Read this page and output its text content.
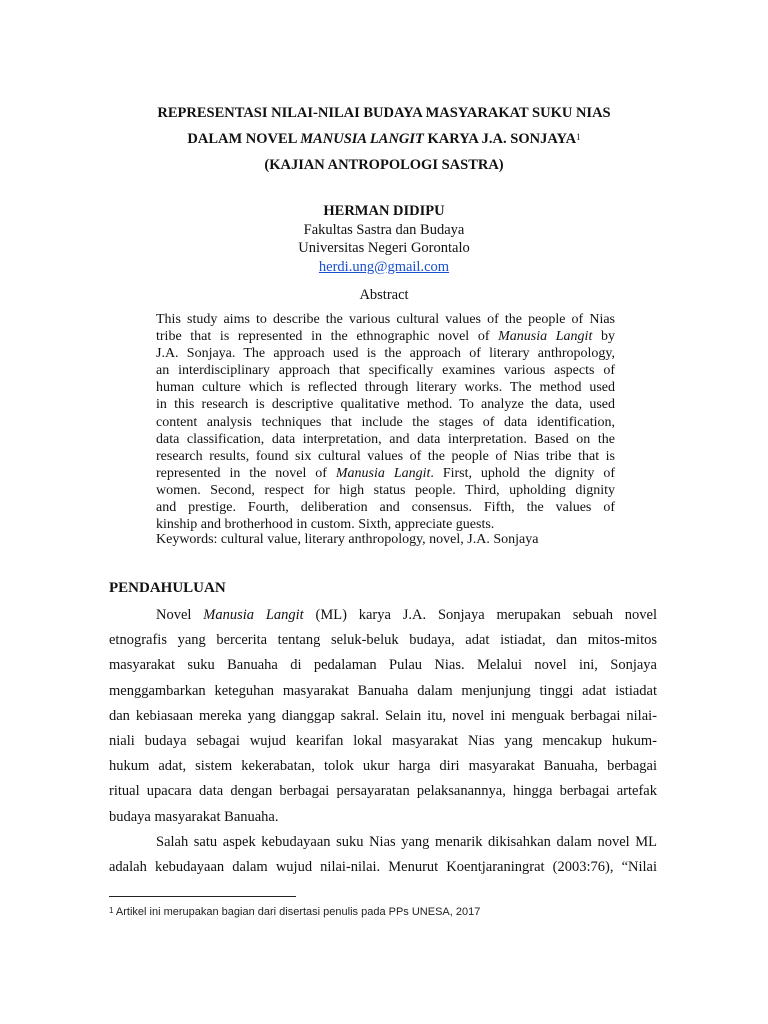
REPRESENTASI NILAI-NILAI BUDAYA MASYARAKAT SUKU NIAS
DALAM NOVEL MANUSIA LANGIT KARYA J.A. SONJAYA$^1$
(KAJIAN ANTROPOLOGI SASTRA)
HERMAN DIDIPU
Fakultas Sastra dan Budaya
Universitas Negeri Gorontalo
herdi.ung@gmail.com
Abstract
This study aims to describe the various cultural values of the people of Nias
tribe that is represented in the ethnographic novel of Manusia Langit by
J.A. Sonjaya. The approach used is the approach of literary anthropology,
an interdisciplinary approach that specifically examines various aspects of
human culture which is reflected through literary works. The method used
in this research is descriptive qualitative method. To analyze the data, used
content analysis techniques that include the stages of data identification,
data classification, data interpretation, and data interpretation. Based on the
research results, found six cultural values of the people of Nias tribe that is
represented in the novel of Manusia Langit. First, uphold the dignity of
women. Second, respect for high status people. Third, upholding dignity
and prestige. Fourth, deliberation and consensus. Fifth, the values of
kinship and brotherhood in custom. Sixth, appreciate guests.
Keywords: cultural value, literary anthropology, novel, J.A. Sonjaya
PENDAHULUAN
Novel Manusia Langit (ML) karya J.A. Sonjaya merupakan sebuah novel
etnografis yang bercerita tentang seluk-beluk budaya, adat istiadat, dan mitos-mitos
masyarakat suku Banuaha di pedalaman Pulau Nias. Melalui novel ini, Sonjaya
menggambarkan keteguhan masyarakat Banuaha dalam menjunjung tinggi adat istiadat
dan kebiasaan mereka yang dianggap sakral. Selain itu, novel ini menguak berbagai nilai-
niali budaya sebagai wujud kearifan lokal masyarakat Nias yang mencakup hukum-
hukum adat, sistem kekerabatan, tolok ukur harga diri masyarakat Banuaha, berbagai
ritual upacara data dengan berbagai persayaratan pelaksanannya, hingga berbagai artefak
budaya masyarakat Banuaha.
Salah satu aspek kebudayaan suku Nias yang menarik dikisahkan dalam novel ML
adalah kebudayaan dalam wujud nilai-nilai. Menurut Koentjaraningrat (2003:76), “Nilai
$^1$ Artikel ini merupakan bagian dari disertasi penulis pada PPs UNESA, 2017
